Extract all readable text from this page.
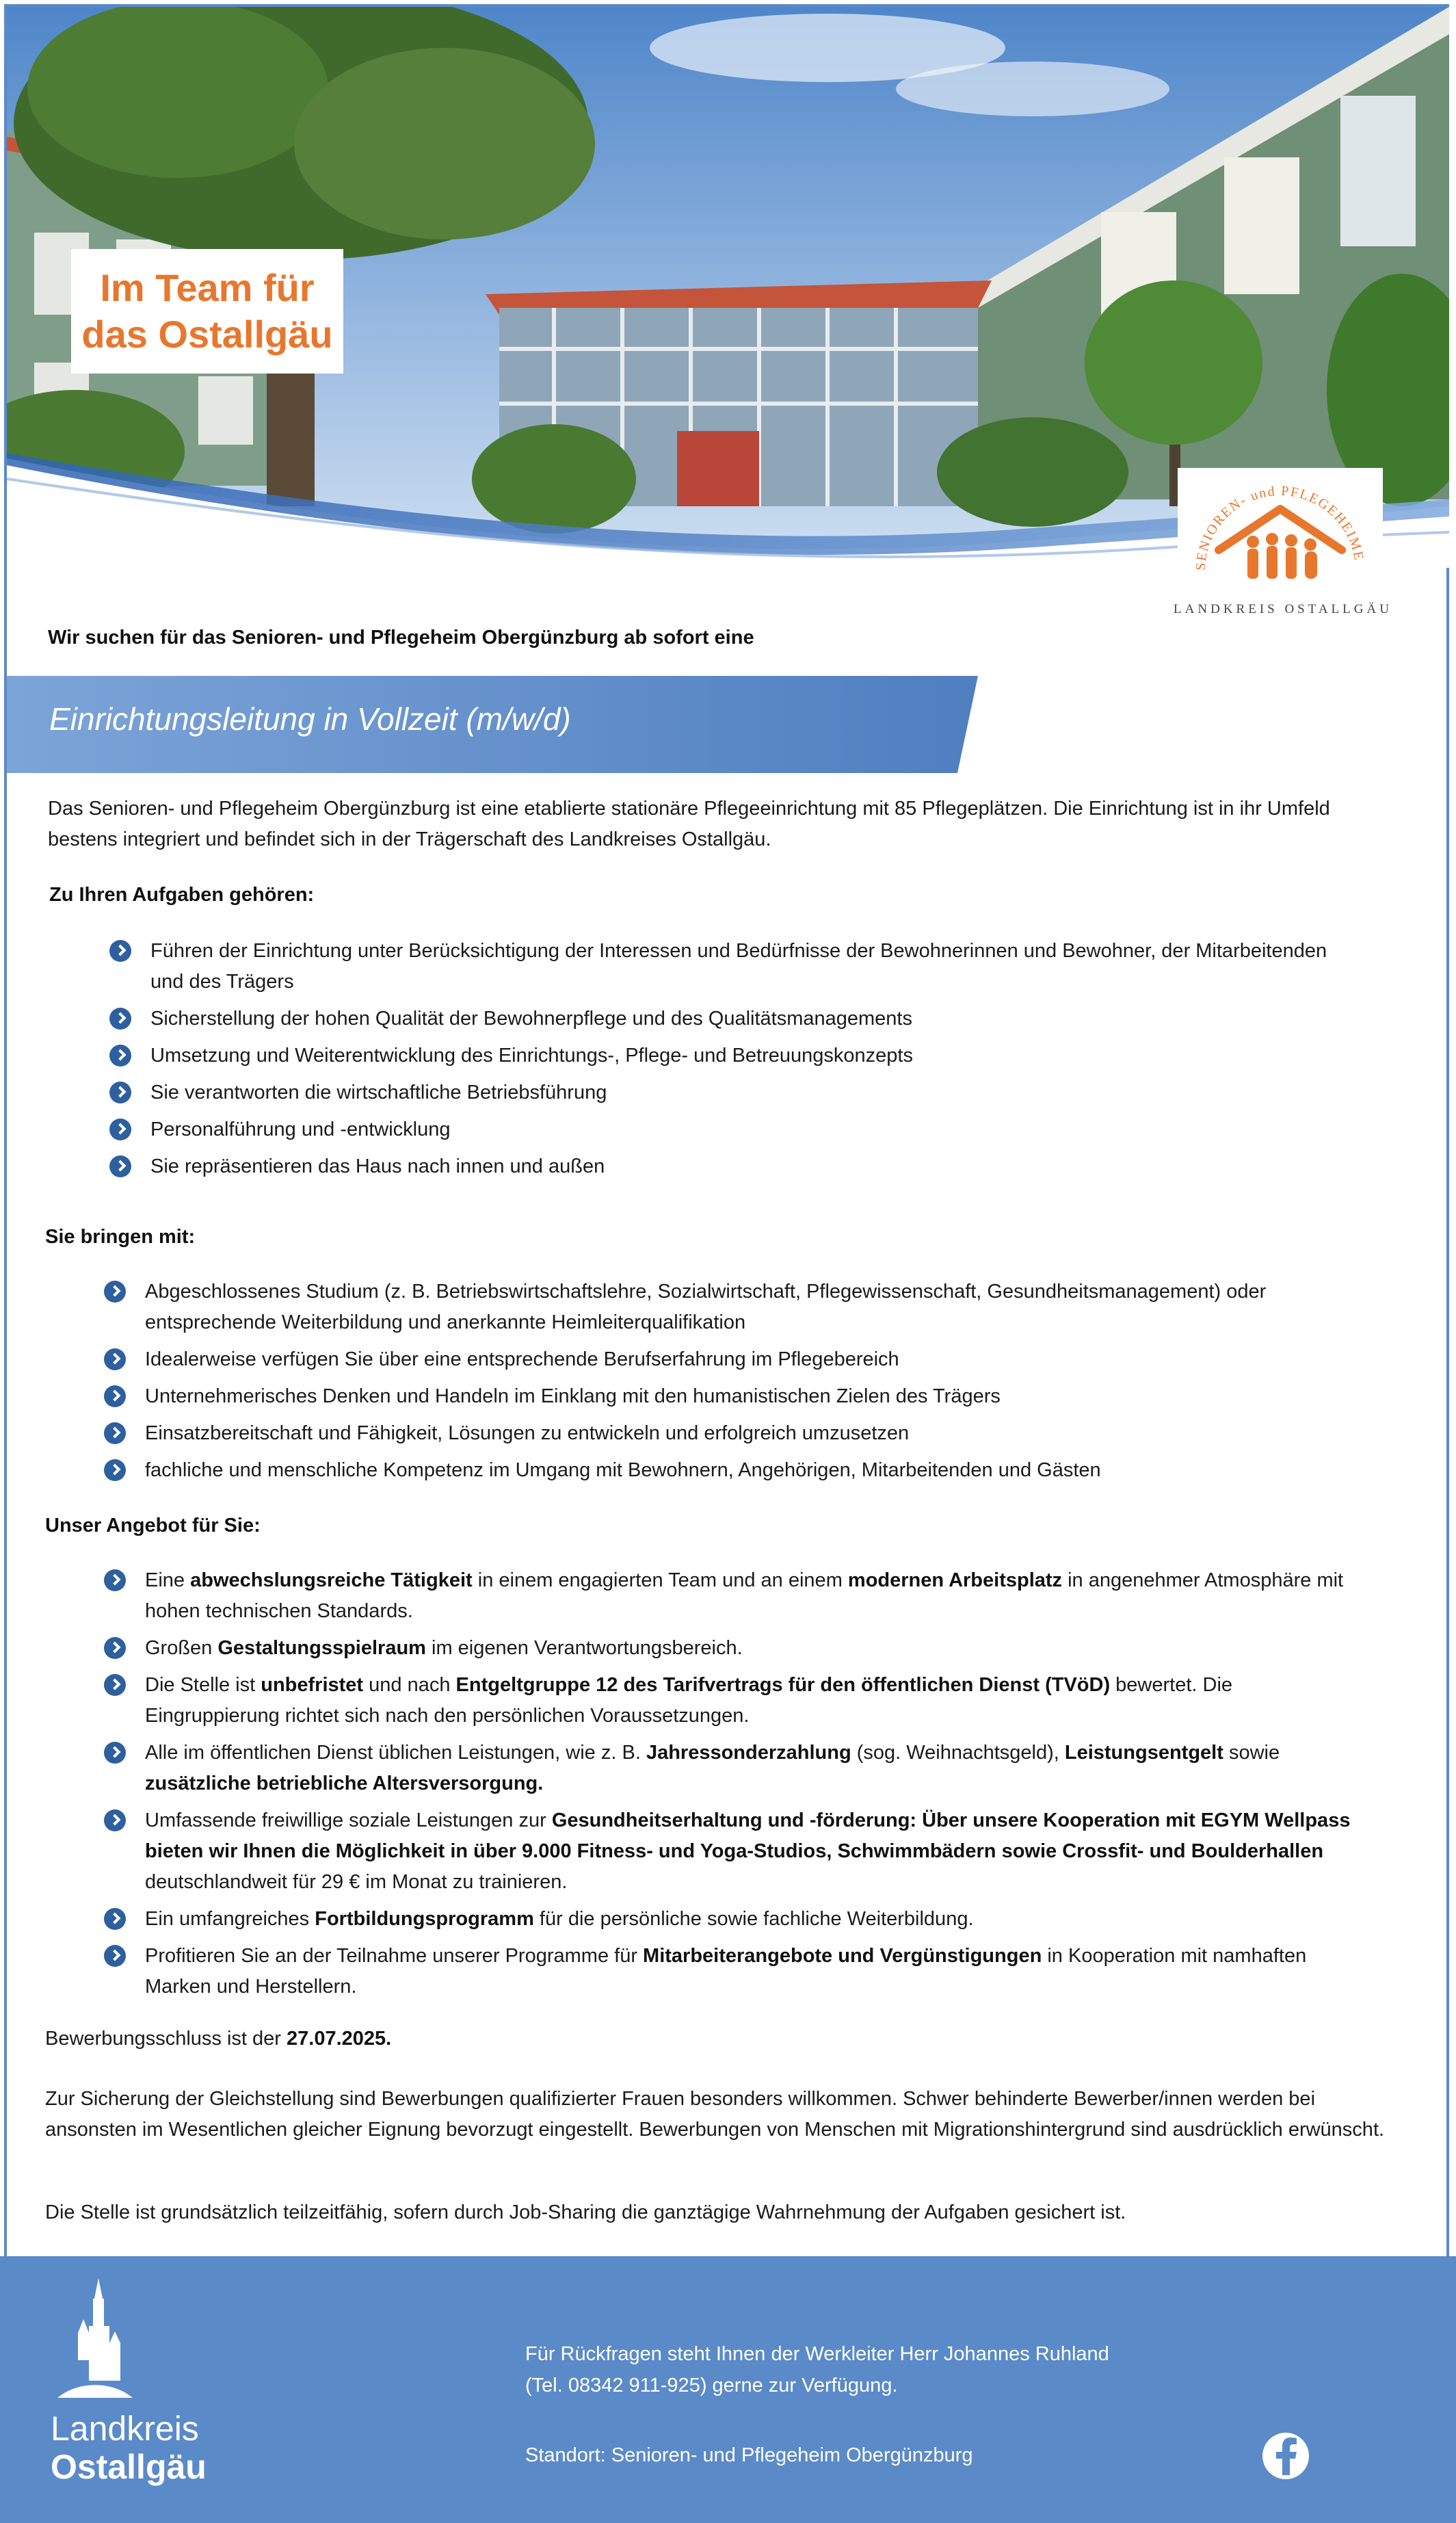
Im Team für
das Ostallgäu
SENIOREN- und PFLEGEHEIME
LANDKREIS OSTALLGÄU
Wir suchen für das Senioren- und Pflegeheim Obergünzburg ab sofort eine
Einrichtungsleitung in Vollzeit (m/w/d)
Das Senioren- und Pflegeheim Obergünzburg ist eine etablierte stationäre Pflegeeinrichtung mit 85 Pflegeplätzen. Die Einrichtung ist in ihr Umfeld bestens integriert und befindet sich in der Trägerschaft des Landkreises Ostallgäu.
Zu Ihren Aufgaben gehören:
Führen der Einrichtung unter Berücksichtigung der Interessen und Bedürfnisse der Bewohnerinnen und Bewohner, der Mitarbeitenden und des Trägers
Sicherstellung der hohen Qualität der Bewohnerpflege und des Qualitätsmanagements
Umsetzung und Weiterentwicklung des Einrichtungs-, Pflege- und Betreuungskonzepts
Sie verantworten die wirtschaftliche Betriebsführung
Personalführung und -entwicklung
Sie repräsentieren das Haus nach innen und außen
Sie bringen mit:
Abgeschlossenes Studium (z. B. Betriebswirtschaftslehre, Sozialwirtschaft, Pflegewissenschaft, Gesundheitsmanagement) oder entsprechende Weiterbildung und anerkannte Heimleiterqualifikation
Idealerweise verfügen Sie über eine entsprechende Berufserfahrung im Pflegebereich
Unternehmerisches Denken und Handeln im Einklang mit den humanistischen Zielen des Trägers
Einsatzbereitschaft und Fähigkeit, Lösungen zu entwickeln und erfolgreich umzusetzen
fachliche und menschliche Kompetenz im Umgang mit Bewohnern, Angehörigen, Mitarbeitenden und Gästen
Unser Angebot für Sie:
Eine abwechslungsreiche Tätigkeit in einem engagierten Team und an einem modernen Arbeitsplatz in angenehmer Atmosphäre mit hohen technischen Standards.
Großen Gestaltungsspielraum im eigenen Verantwortungsbereich.
Die Stelle ist unbefristet und nach Entgeltgruppe 12 des Tarifvertrags für den öffentlichen Dienst (TVöD) bewertet. Die Eingruppierung richtet sich nach den persönlichen Voraussetzungen.
Alle im öffentlichen Dienst üblichen Leistungen, wie z. B. Jahressonderzahlung (sog. Weihnachtsgeld), Leistungsentgelt sowie zusätzliche betriebliche Altersversorgung.
Umfassende freiwillige soziale Leistungen zur Gesundheitserhaltung und -förderung: Über unsere Kooperation mit EGYM Wellpass bieten wir Ihnen die Möglichkeit in über 9.000 Fitness- und Yoga-Studios, Schwimmbädern sowie Crossfit- und Boulderhallen deutschlandweit für 29 € im Monat zu trainieren.
Ein umfangreiches Fortbildungsprogramm für die persönliche sowie fachliche Weiterbildung.
Profitieren Sie an der Teilnahme unserer Programme für Mitarbeiterangebote und Vergünstigungen in Kooperation mit namhaften Marken und Herstellern.
Bewerbungsschluss ist der 27.07.2025.
Zur Sicherung der Gleichstellung sind Bewerbungen qualifizierter Frauen besonders willkommen. Schwer behinderte Bewerber/innen werden bei ansonsten im Wesentlichen gleicher Eignung bevorzugt eingestellt. Bewerbungen von Menschen mit Migrationshintergrund sind ausdrücklich erwünscht.
Die Stelle ist grundsätzlich teilzeitfähig, sofern durch Job-Sharing die ganztägige Wahrnehmung der Aufgaben gesichert ist.
Landkreis
Ostallgäu
Für Rückfragen steht Ihnen der Werkleiter Herr Johannes Ruhland
(Tel. 08342 911-925) gerne zur Verfügung.
Standort: Senioren- und Pflegeheim Obergünzburg
